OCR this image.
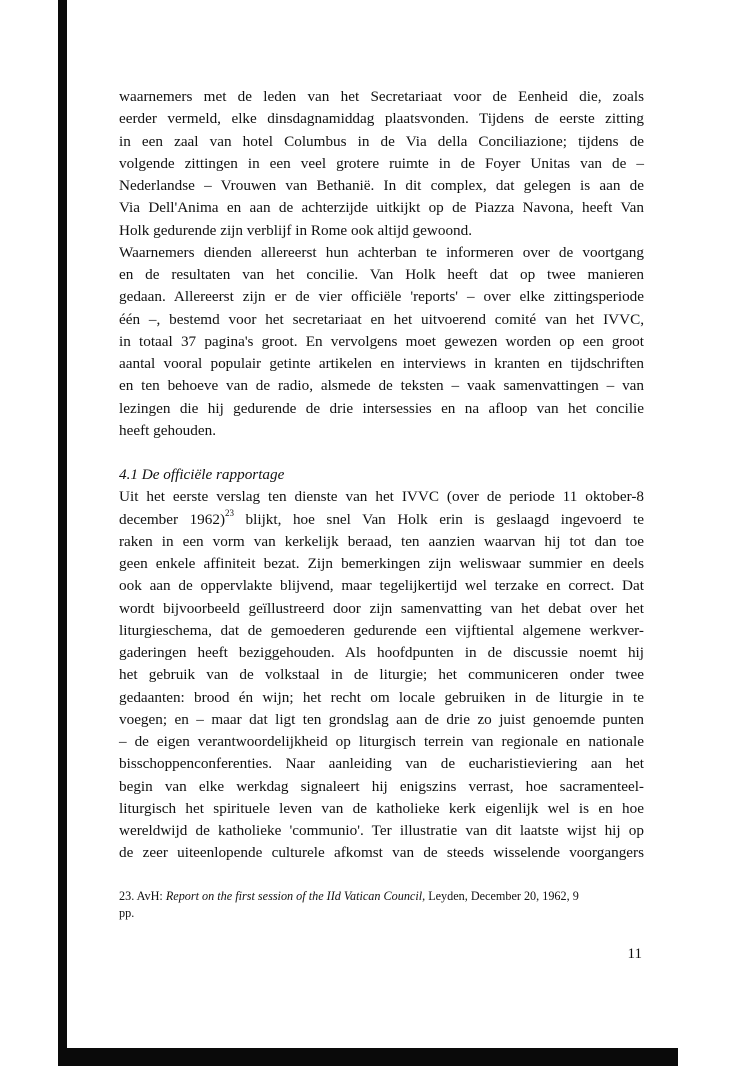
waarnemers met de leden van het Secretariaat voor de Eenheid die, zoals
eerder vermeld, elke dinsdagnamiddag plaatsvonden. Tijdens de eerste zitting
in een zaal van hotel Columbus in de Via della Conciliazione; tijdens de
volgende zittingen in een veel grotere ruimte in de Foyer Unitas van de –
Nederlandse – Vrouwen van Bethanië. In dit complex, dat gelegen is aan de
Via Dell'Anima en aan de achterzijde uitkijkt op de Piazza Navona, heeft Van
Holk gedurende zijn verblijf in Rome ook altijd gewoond.
Waarnemers dienden allereerst hun achterban te informeren over de voortgang
en de resultaten van het concilie. Van Holk heeft dat op twee manieren
gedaan. Allereerst zijn er de vier officiële 'reports' – over elke zittingsperiode
één –, bestemd voor het secretariaat en het uitvoerend comité van het IVVC,
in totaal 37 pagina's groot. En vervolgens moet gewezen worden op een groot
aantal vooral populair getinte artikelen en interviews in kranten en tijdschriften
en ten behoeve van de radio, alsmede de teksten – vaak samenvattingen – van
lezingen die hij gedurende de drie intersessies en na afloop van het concilie
heeft gehouden.
4.1 De officiële rapportage
Uit het eerste verslag ten dienste van het IVVC (over de periode 11 oktober-8
december 1962)$^{23}$ blijkt, hoe snel Van Holk erin is geslaagd ingevoerd te
raken in een vorm van kerkelijk beraad, ten aanzien waarvan hij tot dan toe
geen enkele affiniteit bezat. Zijn bemerkingen zijn weliswaar summier en deels
ook aan de oppervlakte blijvend, maar tegelijkertijd wel terzake en correct. Dat
wordt bijvoorbeeld geïllustreerd door zijn samenvatting van het debat over het
liturgieschema, dat de gemoederen gedurende een vijftiental algemene werkver-
gaderingen heeft beziggehouden. Als hoofdpunten in de discussie noemt hij
het gebruik van de volkstaal in de liturgie; het communiceren onder twee
gedaanten: brood én wijn; het recht om locale gebruiken in de liturgie in te
voegen; en – maar dat ligt ten grondslag aan de drie zo juist genoemde punten
– de eigen verantwoordelijkheid op liturgisch terrein van regionale en nationale
bisschoppenconferenties. Naar aanleiding van de eucharistieviering aan het
begin van elke werkdag signaleert hij enigszins verrast, hoe sacramenteel-
liturgisch het spirituele leven van de katholieke kerk eigenlijk wel is en hoe
wereldwijd de katholieke 'communio'. Ter illustratie van dit laatste wijst hij op
de zeer uiteenlopende culturele afkomst van de steeds wisselende voorgangers
23. AvH: Report on the first session of the IId Vatican Council, Leyden, December 20, 1962, 9
pp.
11
